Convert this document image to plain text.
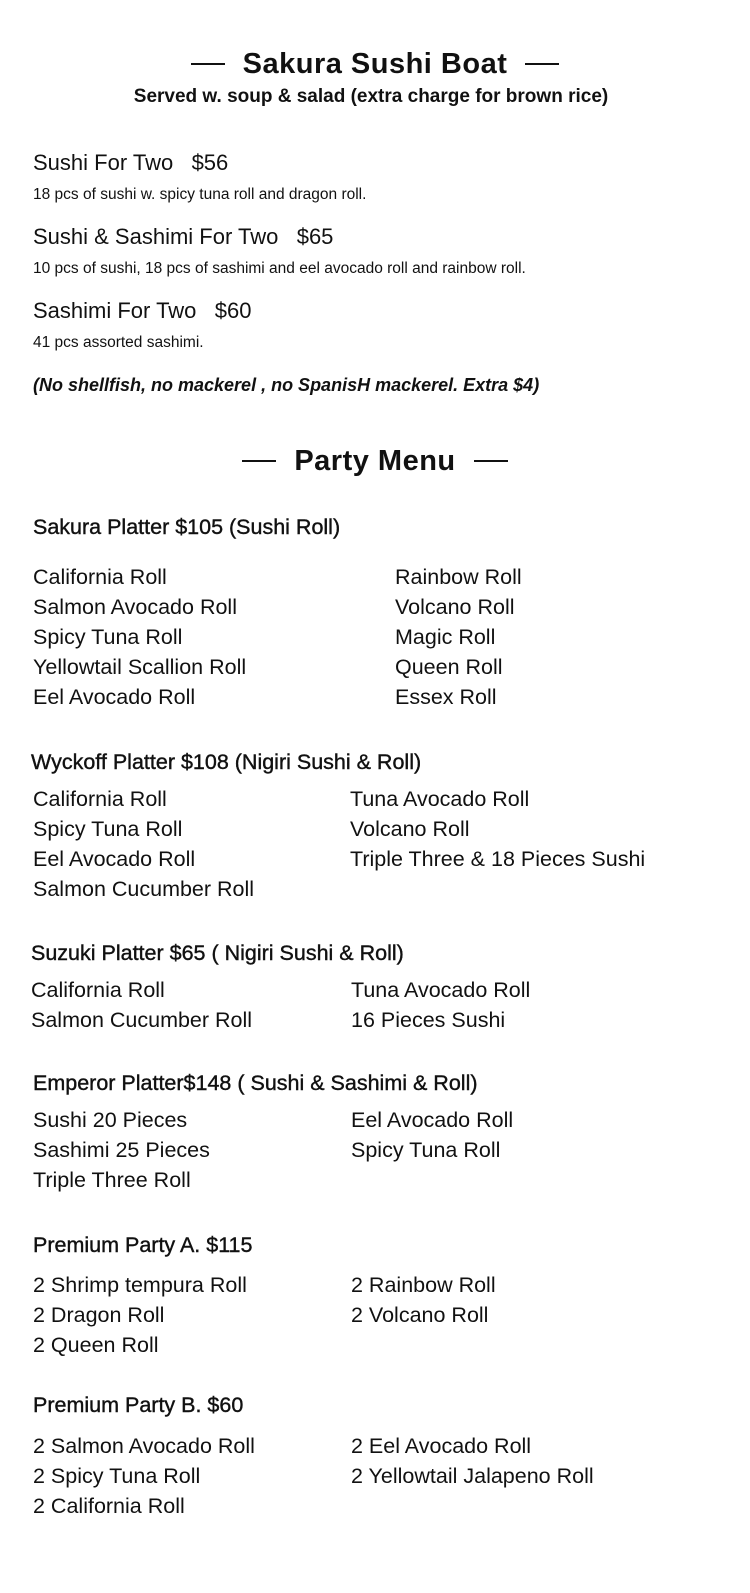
Sakura Sushi Boat
Served w. soup & salad (extra charge for brown rice)
Sushi For Two $56
18 pcs of sushi w. spicy tuna roll and dragon roll.
Sushi & Sashimi For Two $65
10 pcs of sushi, 18 pcs of sashimi and eel avocado roll and rainbow roll.
Sashimi For Two $60
41 pcs assorted sashimi.
(No shellfish, no mackerel , no SpanisH mackerel. Extra $4)
Party Menu
Sakura Platter $105 (Sushi Roll)
California Roll
Salmon Avocado Roll
Spicy Tuna Roll
Yellowtail Scallion Roll
Eel Avocado Roll
Rainbow Roll
Volcano Roll
Magic Roll
Queen Roll
Essex Roll
Wyckoff Platter $108 (Nigiri Sushi & Roll)
California Roll
Spicy Tuna Roll
Eel Avocado Roll
Salmon Cucumber Roll
Tuna Avocado Roll
Volcano Roll
Triple Three & 18 Pieces Sushi
Suzuki Platter $65 ( Nigiri Sushi & Roll)
California Roll
Salmon Cucumber Roll
Tuna Avocado Roll
16 Pieces Sushi
Emperor Platter$148 ( Sushi & Sashimi & Roll)
Sushi 20 Pieces
Sashimi 25 Pieces
Triple Three Roll
Eel Avocado Roll
Spicy Tuna Roll
Premium Party A. $115
2 Shrimp tempura Roll
2 Dragon Roll
2 Queen Roll
2 Rainbow Roll
2 Volcano Roll
Premium Party B. $60
2 Salmon Avocado Roll
2 Spicy Tuna Roll
2 California Roll
2 Eel Avocado Roll
2 Yellowtail Jalapeno Roll
